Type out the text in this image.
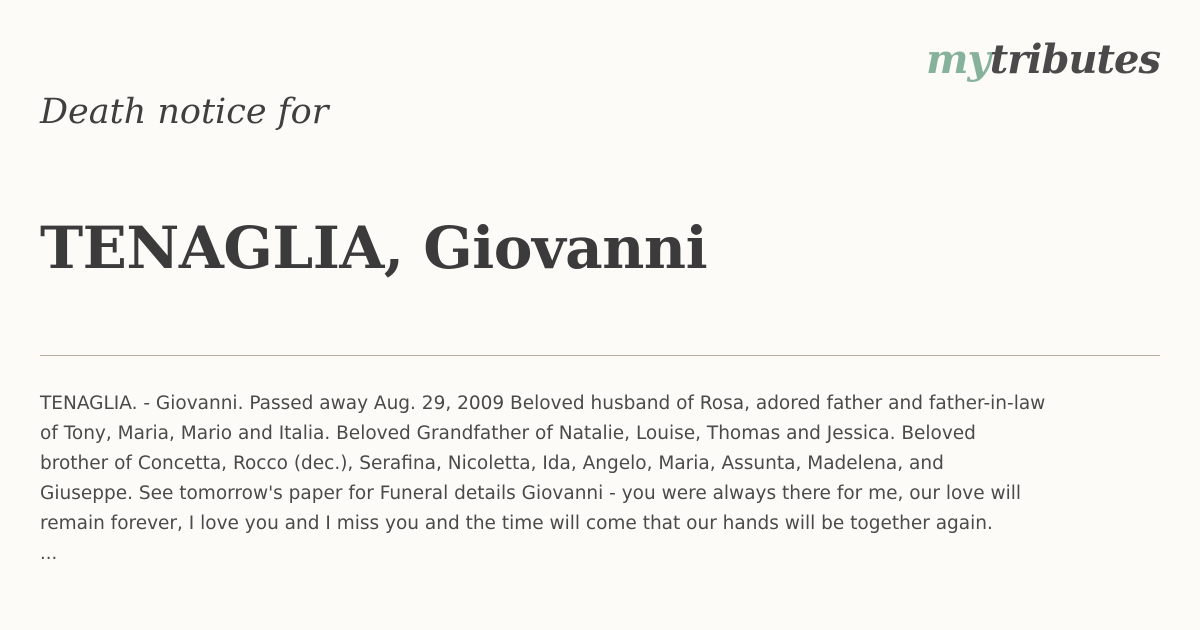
mytributes
Death notice for
TENAGLIA, Giovanni

TENAGLIA. - Giovanni. Passed away Aug. 29, 2009 Beloved husband of Rosa, adored father and father-in-law

of Tony, Maria, Mario and Italia. Beloved Grandfather of Natalie, Louise, Thomas and Jessica. Beloved

brother of Concetta, Rocco (dec.), Serafina, Nicoletta, Ida, Angelo, Maria, Assunta, Madelena, and

Giuseppe. See tomorrow's paper for Funeral details Giovanni - you were always there for me, our love will

remain forever, I love you and I miss you and the time will come that our hands will be together again.

...
